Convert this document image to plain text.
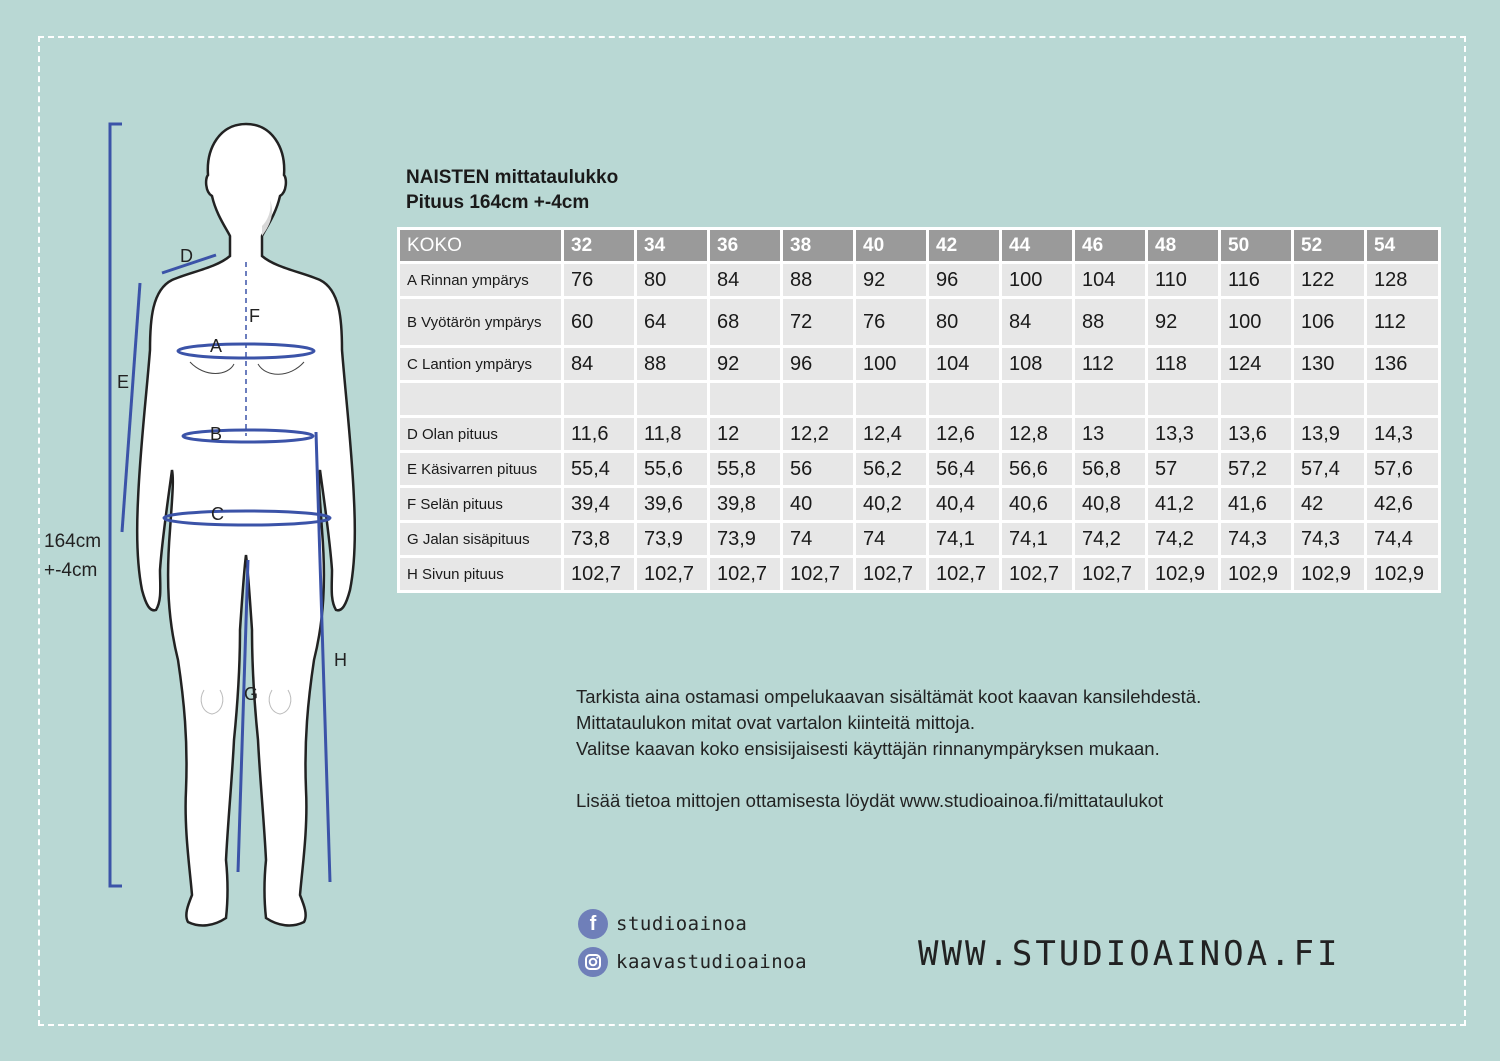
A
B
C
D
E
F
G
H
164cm
+-4cm
NAISTEN mittataulukko
Pituus 164cm +-4cm
KOKO	32	34	36	38	40	42	44	46	48	50	52	54
A Rinnan ympärys	76	80	84	88	92	96	100	104	110	116	122	128
B Vyötärön ympärys	60	64	68	72	76	80	84	88	92	100	106	112
C Lantion ympärys	84	88	92	96	100	104	108	112	118	124	130	136

D Olan pituus	11,6	11,8	12	12,2	12,4	12,6	12,8	13	13,3	13,6	13,9	14,3
E Käsivarren pituus	55,4	55,6	55,8	56	56,2	56,4	56,6	56,8	57	57,2	57,4	57,6
F Selän pituus	39,4	39,6	39,8	40	40,2	40,4	40,6	40,8	41,2	41,6	42	42,6
G Jalan sisäpituus	73,8	73,9	73,9	74	74	74,1	74,1	74,2	74,2	74,3	74,3	74,4
H Sivun pituus	102,7	102,7	102,7	102,7	102,7	102,7	102,7	102,7	102,9	102,9	102,9	102,9

Tarkista aina ostamasi ompelukaavan sisältämät koot kaavan kansilehdestä.

Mittataulukon mitat ovat vartalon kiinteitä mittoja.

Valitse kaavan koko ensisijaisesti käyttäjän rinnanympäryksen mukaan.

Lisää tietoa mittojen ottamisesta löydät www.studioainoa.fi/mittataulukot

f	studioainoa
kaavastudioainoa	WWW.STUDIOAINOA.FI
